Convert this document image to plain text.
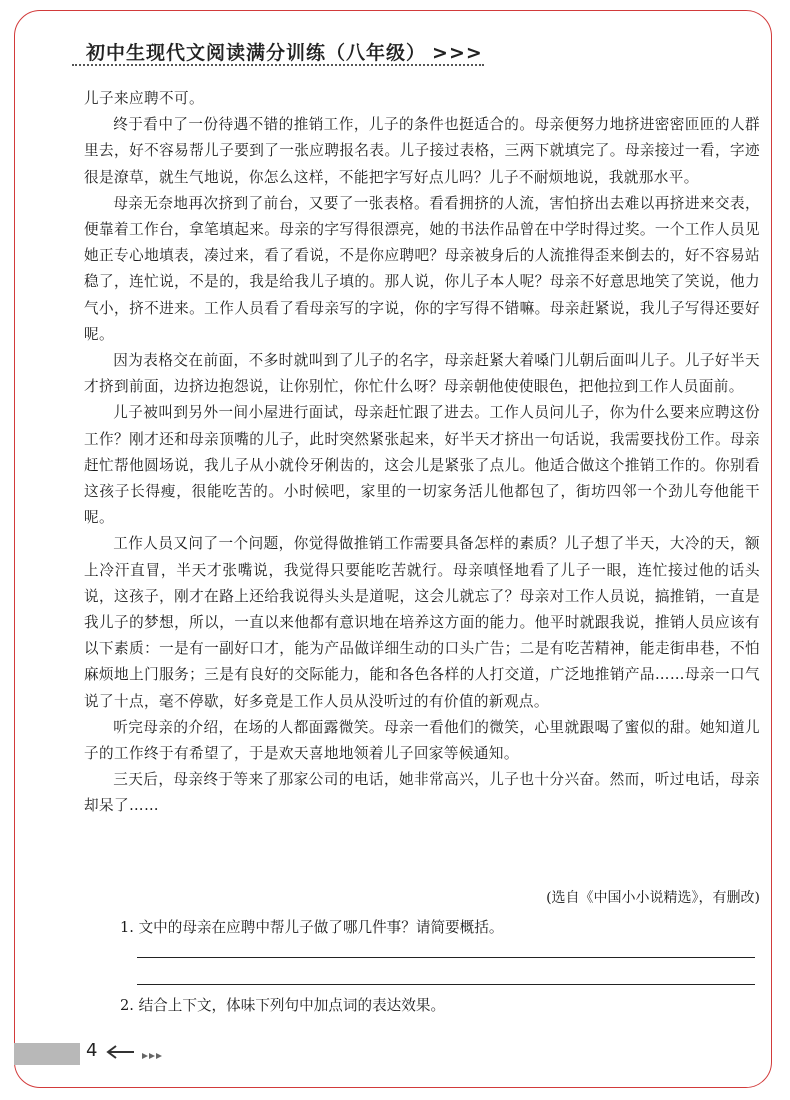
初中生现代文阅读满分训练（八年级） >>>

儿子来应聘不可。

终于看中了一份待遇不错的推销工作，儿子的条件也挺适合的。母亲便努力地挤进密密匝匝的人群里去，好不容易帮儿子要到了一张应聘报名表。儿子接过表格，三两下就填完了。母亲接过一看，字迹很是潦草，就生气地说，你怎么这样，不能把字写好点儿吗？儿子不耐烦地说，我就那水平。

母亲无奈地再次挤到了前台，又要了一张表格。看看拥挤的人流，害怕挤出去难以再挤进来交表，便靠着工作台，拿笔填起来。母亲的字写得很漂亮，她的书法作品曾在中学时得过奖。一个工作人员见她正专心地填表，凑过来，看了看说，不是你应聘吧？母亲被身后的人流推得歪来倒去的，好不容易站稳了，连忙说，不是的，我是给我儿子填的。那人说，你儿子本人呢？母亲不好意思地笑了笑说，他力气小，挤不进来。工作人员看了看母亲写的字说，你的字写得不错嘛。母亲赶紧说，我儿子写得还要好呢。

因为表格交在前面，不多时就叫到了儿子的名字，母亲赶紧大着嗓门儿朝后面叫儿子。儿子好半天才挤到前面，边挤边抱怨说，让你别忙，你忙什么呀？母亲朝他使使眼色，把他拉到工作人员面前。

儿子被叫到另外一间小屋进行面试，母亲赶忙跟了进去。工作人员问儿子，你为什么要来应聘这份工作？刚才还和母亲顶嘴的儿子，此时突然紧张起来，好半天才挤出一句话说，我需要找份工作。母亲赶忙帮他圆场说，我儿子从小就伶牙俐齿的，这会儿是紧张了点儿。他适合做这个推销工作的。你别看这孩子长得瘦，很能吃苦的。小时候吧，家里的一切家务活儿他都包了，街坊四邻一个劲儿夸他能干呢。

工作人员又问了一个问题，你觉得做推销工作需要具备怎样的素质？儿子想了半天，大冷的天，额上冷汗直冒，半天才张嘴说，我觉得只要能吃苦就行。母亲嗔怪地看了儿子一眼，连忙接过他的话头说，这孩子，刚才在路上还给我说得头头是道呢，这会儿就忘了？母亲对工作人员说，搞推销，一直是我儿子的梦想，所以，一直以来他都有意识地在培养这方面的能力。他平时就跟我说，推销人员应该有以下素质：一是有一副好口才，能为产品做详细生动的口头广告；二是有吃苦精神，能走街串巷，不怕麻烦地上门服务；三是有良好的交际能力，能和各色各样的人打交道，广泛地推销产品……母亲一口气说了十点，毫不停歇，好多竟是工作人员从没听过的有价值的新观点。

听完母亲的介绍，在场的人都面露微笑。母亲一看他们的微笑，心里就跟喝了蜜似的甜。她知道儿子的工作终于有希望了，于是欢天喜地地领着儿子回家等候通知。

三天后，母亲终于等来了那家公司的电话，她非常高兴，儿子也十分兴奋。然而，听过电话，母亲却呆了……

(选自《中国小小说精选》，有删改)
1. 文中的母亲在应聘中帮儿子做了哪几件事？请简要概括。
2. 结合上下文，体味下列句中加点词的表达效果。
4
